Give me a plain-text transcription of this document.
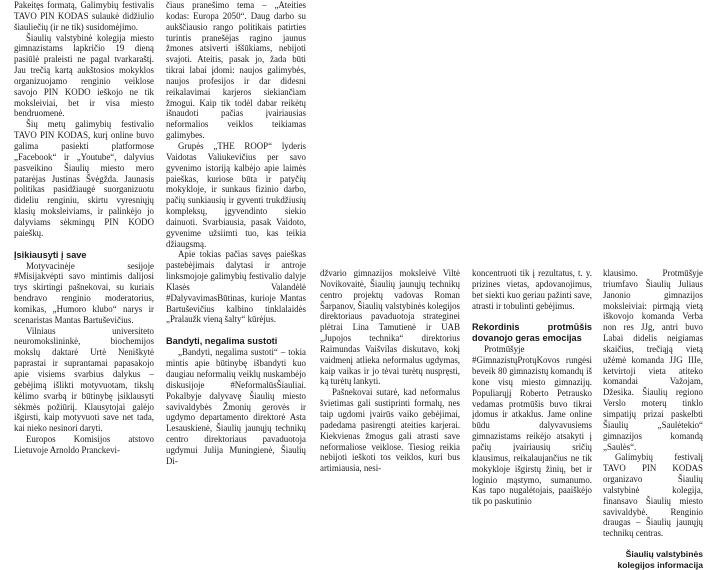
Pakeitęs formatą, Galimybių festivalis TAVO PIN KODAS sulaukė didžiulio šiauliečių (ir ne tik) susidomėjimo.

Šiaulių valstybinė kolegija miesto gimnazistams lapkričio 19 dieną pasiūlė praleisti ne pagal tvarkaraštį. Jau trečią kartą aukštosios mokyklos organizuojamo renginio veiklose savojo PIN KODO ieškojo ne tik moksleiviai, bet ir visa miesto bendruomenė.

Šių metų galimybių festivalio TAVO PIN KODAS, kurį online buvo galima pasiekti platformose „Facebook“ ir „Youtube“, dalyvius pasveikino Šiaulių miesto mero patarėjas Justinas Švėgžda. Jaunasis politikas pasidžiaugė suorganizuotu dideliu renginiu, skirtu vyresniųjų klasių moksleiviams, ir palinkėjo jo dalyviams sėkmingų PIN KODO paieškų.

Įsikiausyti į save

Motyvacinėje sesijoje #Misijakvėpti savo mintimis dalijosi trys skirtingi pašnekovai, su kuriais bendravo renginio moderatorius, komikas, „Humoro klubo“ narys ir scenaristas Mantas Bartuševičius.

Vilniaus universiteto neuromokslininkė, biochemijos mokslų daktarė Urtė Neniškytė paprastai ir suprantamai papasakojo apie visiems svarbius dalykus – gebėjimą išlikti motyvuotam, tikslų kėlimo svarbą ir būtinybę įsiklausyti sėkmės požiūriį. Klausytojai galėjo išgirsti, kaip motyvuoti save net tada, kai nieko nesinori daryti.

Europos Komisijos atstovo Lietuvoje Arnoldo Pranckevi-

čiaus pranešimo tema – „Ateities kodas: Europa 2050“. Daug darbo su aukščiausio rango politikais patirties turintis pranešėjas ragino jaunus žmones atsiverti iššūkiams, nebijoti svajoti. Ateitis, pasak jo, žada būti tikrai labai įdomi: naujos galimybės, naujos profesijos ir dar didesni reikalavimai karjeros siekiančiam žmogui. Kaip tik todėl dabar reikėtų išnaudoti pačias įvairiausias neformalios veiklos teikiamas galimybes.

Grupės „THE ROOP“ lyderis Vaidotas Valiukevičius per savo gyvenimo istoriją kalbėjo apie laimės paieškas, kuriose būta ir patyčių mokykloje, ir sunkaus fizinio darbo, pačių sunkiausių ir gyventi trukdžiusių kompleksų, įgyvendinto siekio dainuoti. Svarbiausia, pasak Vaidoto, gyvenime užsiimti tuo, kas teikia džiaugsmą.

Apie tokias pačias savęs paieškas pastebėjimais dalytasi ir antroje linksmojoje galimybių festivalio dalyje Klasės Valandėlė #DalyvavimasBūtinas, kurioje Mantas Bartuševičius kalbino tinklalaidės „Pralaužk vieną šalty“ kūrėjus.

Bandyti, negalima sustoti

„Bandyti, negalima sustoti“ – tokia mintis apie būtinybę išbandyti kuo daugiau neformalių veiklų nuskambėjo diskusijoje #NeformalūsŠiauliai. Pokalbyje dalyvavę Šiaulių miesto savivaldybės Žmonių gerovės ir ugdymo departamento direktorė Asta Lesauskienė, Šiaulių jaunųjų technikų centro direktoriaus pavaduotoja ugdymui Julija Muningienė, Šiaulių Di-

džvario gimnazijos moksleivė Viltė Novikovaitė, Šiaulių jaunųjų technikų centro projektų vadovas Roman Šarpanov, Šiaulių valstybinės kolegijos direktoriaus pavaduotoja strateginei plėtrai Lina Tamutienė ir UAB „Jupojos technika“ direktorius Raimundas Vaišvilas diskutavo, kokį vaidmenį atlieka neformalus ugdymas, kaip vaikas ir jo tėvai turėtų nuspręsti, ką turėtų lankyti.

Pašnekovai sutarė, kad neformalus švietimas gali sustiprinti formalų, nes taip ugdomi įvairūs vaiko gebėjimai, padedama pasirengti ateities karjerai. Kiekvienas žmogus gali atrasti save neformaliose veiklose. Tiesiog reikia nebijoti ieškoti tos veiklos, kuri bus artimiausia, nesi-

koncentruoti tik į rezultatus, t. y. prizines vietas, apdovanojimus, bet siekti kuo geriau pažinti save, atrasti ir tobulinti gebėjimus.

Rekordinis protmūšis dovanojo geras emocijas

Protmūšyje #GimnazistųProtųKovos rungėsi beveik 80 gimnazistų komandų iš kone visų miesto gimnazijų. Populiarųjį Roberto Petrausko vedamas protmūšis buvo tikrai įdomus ir atkaklus. Jame online būdu dalyvavusiems gimnazistams reikėjo atsakyti į pačių įvairiausių sričių klausimus, reikalaujančius ne tik mokykloje išgirstų žinių, bet ir loginio mąstymo, sumanumo. Kas tapo nugalėtojais, paaiškėjo tik po paskutinio

klausimo. Protmūšyje triumfavo Šiaulių Juliaus Janonio gimnazijos moksleiviai: pirmąją vietą iškovojo komanda Verba non res JJg, antri buvo Labai didelis neigiamas skaičius, trečiąją vietą užėmė komanda JJG IIIe, ketvirtoji vieta atiteko komandai Važojam, Džesika. Šiaulių regiono Verslo moterų tinklo simpatijų prizai paskelbti Šiaulių „Saulėtekio“ gimnazijos komandą „Saulės“.

Galimybių festivalį TAVO PIN KODAS organizavo Šiaulių valstybinė kolegija, finansavo Šiaulių miesto savivaldybė. Renginio draugas – Šiaulių jaunųjų technikų centras.

Šiaulių valstybinės kolegijos informacija
